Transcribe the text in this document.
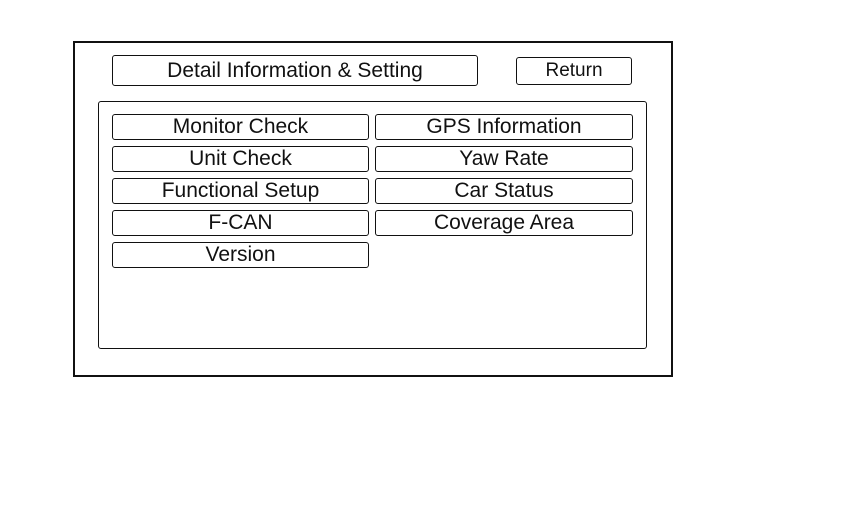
Detail Information & Setting	Return
Monitor Check
Unit Check
Functional Setup
F-CAN
Version
GPS Information
Yaw Rate
Car Status
Coverage Area
